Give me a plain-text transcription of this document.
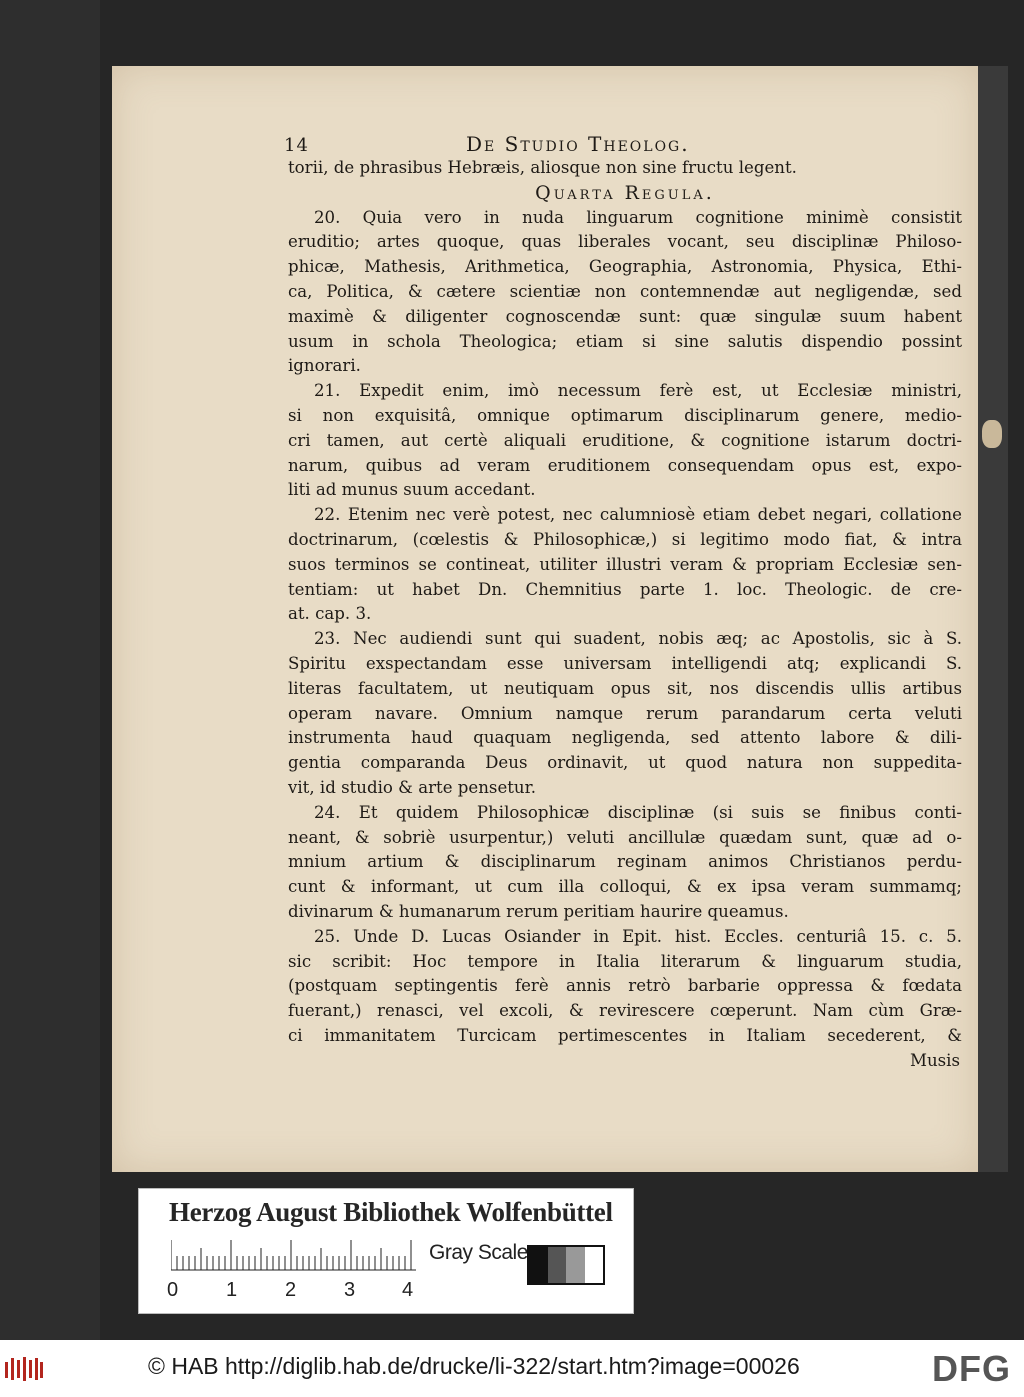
14	De Studio Theolog.
torii, de phrasibus Hebræis, aliosque non sine fructu legent.
Quarta Regula.
20. Quia vero in nuda linguarum cognitione minimè consistit
eruditio; artes quoque, quas liberales vocant, seu disciplinæ Philoso-
phicæ, Mathesis, Arithmetica, Geographia, Astronomia, Physica, Ethi-
ca, Politica, & cætere scientiæ non contemnendæ aut negligendæ, sed
maximè & diligenter cognoscendæ sunt: quæ singulæ suum habent
usum in schola Theologica; etiam si sine salutis dispendio possint
ignorari.
21. Expedit enim, imò necessum ferè est, ut Ecclesiæ ministri,
si non exquisitâ, omnique optimarum disciplinarum genere, medio-
cri tamen, aut certè aliquali eruditione, & cognitione istarum doctri-
narum, quibus ad veram eruditionem consequendam opus est, expo-
liti ad munus suum accedant.
22. Etenim nec verè potest, nec calumniosè etiam debet negari, collatione
doctrinarum, (cœlestis & Philosophicæ,) si legitimo modo fiat, & intra
suos terminos se contineat, utiliter illustri veram & propriam Ecclesiæ sen-
tentiam: ut habet Dn. Chemnitius parte 1. loc. Theologic. de cre-
at. cap. 3.
23. Nec audiendi sunt qui suadent, nobis æq; ac Apostolis, sic à S.
Spiritu exspectandam esse universam intelligendi atq; explicandi S.
literas facultatem, ut neutiquam opus sit, nos discendis ullis artibus
operam navare. Omnium namque rerum parandarum certa veluti
instrumenta haud quaquam negligenda, sed attento labore & dili-
gentia comparanda Deus ordinavit, ut quod natura non suppedita-
vit, id studio & arte pensetur.
24. Et quidem Philosophicæ disciplinæ (si suis se finibus conti-
neant, & sobriè usurpentur,) veluti ancillulæ quædam sunt, quæ ad o-
mnium artium & disciplinarum reginam animos Christianos perdu-
cunt & informant, ut cum illa colloqui, & ex ipsa veram summamq;
divinarum & humanarum rerum peritiam haurire queamus.
25. Unde D. Lucas Osiander in Epit. hist. Eccles. centuriâ 15. c. 5.
sic scribit: Hoc tempore in Italia literarum & linguarum studia,
(postquam septingentis ferè annis retrò barbarie oppressa & fœdata
fuerant,) renasci, vel excoli, & revirescere cœperunt. Nam cùm Græ-
ci immanitatem Turcicam pertimescentes in Italiam secederent, &
Musis
Herzog August Bibliothek Wolfenbüttel
0 1 2 3 4
Gray Scale
© HAB http://diglib.hab.de/drucke/li-322/start.htm?image=00026	DFG
